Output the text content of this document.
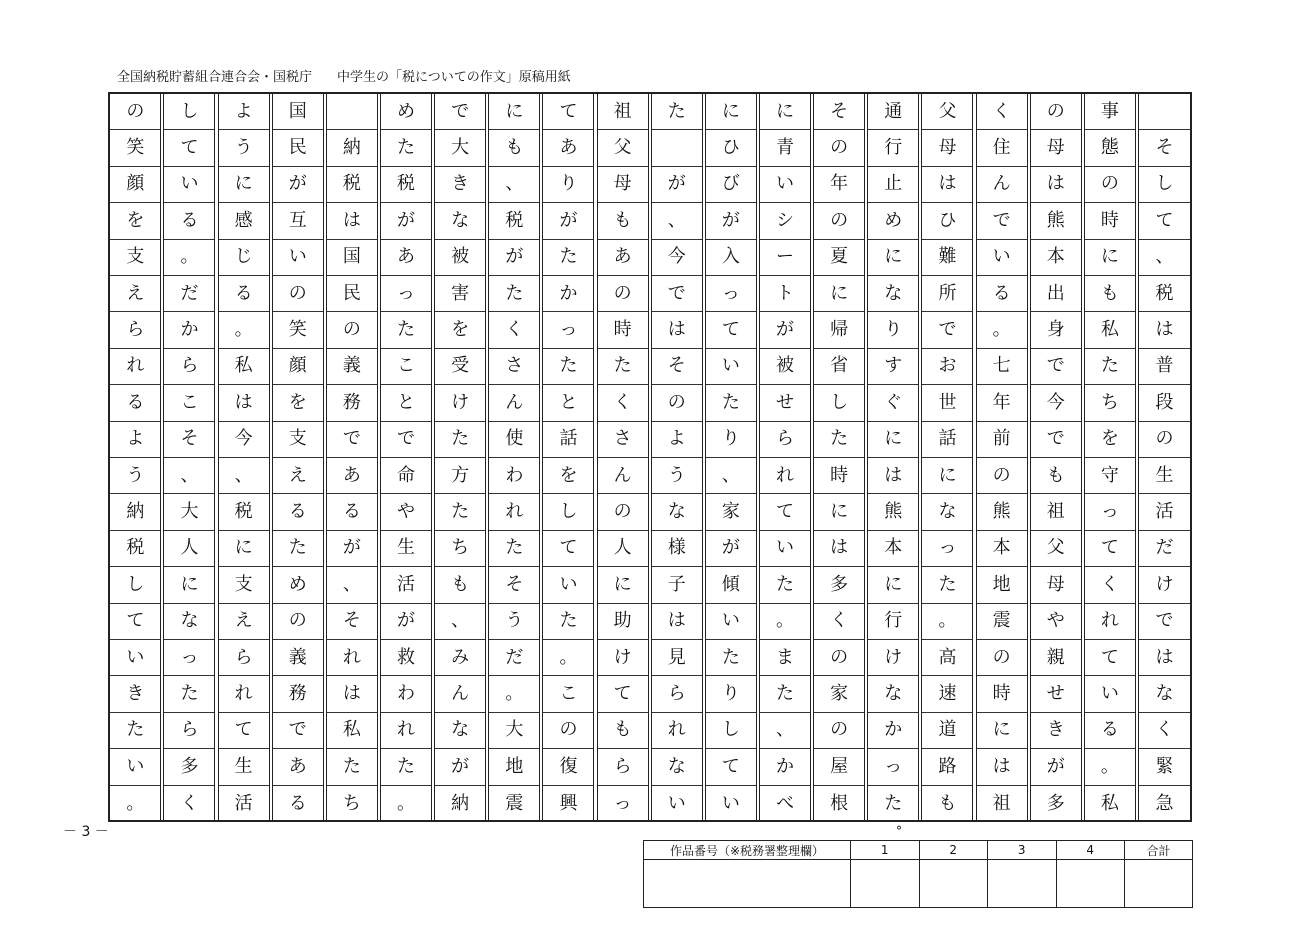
全国納税貯蓄組合連合会・国税庁 中学生の「税についての作文」原稿用紙

そ
し
て
、
税
は
普
段
の
生
活
だ
け
で
は
な
く
緊
急
事
態
の
時
に
も
私
た
ち
を
守
っ
て
く
れ
て
い
る
。
私
の
母
は
熊
本
出
身
で
今
で
も
祖
父
母
や
親
せ
き
が
多
く
住
ん
で
い
る
。
七
年
前
の
熊
本
地
震
の
時
に
は
祖
父
母
は
ひ
難
所
で
お
世
話
に
な
っ
た
。
高
速
道
路
も
通
行
止
め
に
な
り
す
ぐ
に
は
熊
本
に
行
け
な
か
っ
た
そ
の
年
の
夏
に
帰
省
し
た
時
に
は
多
く
の
家
の
屋
根
に
青
い
シ
ー
ト
が
被
せ
ら
れ
て
い
た
。
ま
た
、
か
べ
に
ひ
び
が
入
っ
て
い
た
り
、
家
が
傾
い
た
り
し
て
い
た
が
、
今
で
は
そ
の
よ
う
な
様
子
は
見
ら
れ
な
い
祖
父
母
も
あ
の
時
た
く
さ
ん
の
人
に
助
け
て
も
ら
っ
て
あ
り
が
た
か
っ
た
と
話
を
し
て
い
た
。
こ
の
復
興
に
も
、
税
が
た
く
さ
ん
使
わ
れ
た
そ
う
だ
。
大
地
震
で
大
き
な
被
害
を
受
け
た
方
た
ち
も
、
み
ん
な
が
納
め
た
税
が
あ
っ
た
こ
と
で
命
や
生
活
が
救
わ
れ
た
。

納
税
は
国
民
の
義
務
で
あ
る
が
、
そ
れ
は
私
た
ち
国
民
が
互
い
の
笑
顔
を
支
え
る
た
め
の
義
務
で
あ
る
よ
う
に
感
じ
る
。
私
は
今
、
税
に
支
え
ら
れ
て
生
活
し
て
い
る
。
だ
か
ら
こ
そ
、
大
人
に
な
っ
た
ら
多
く
の
笑
顔
を
支
え
ら
れ
る
よ
う
納
税
し
て
い
き
た
い
。
－ 3 －	°
作品番号（※税務署整理欄）	1	2	3	4	合計
